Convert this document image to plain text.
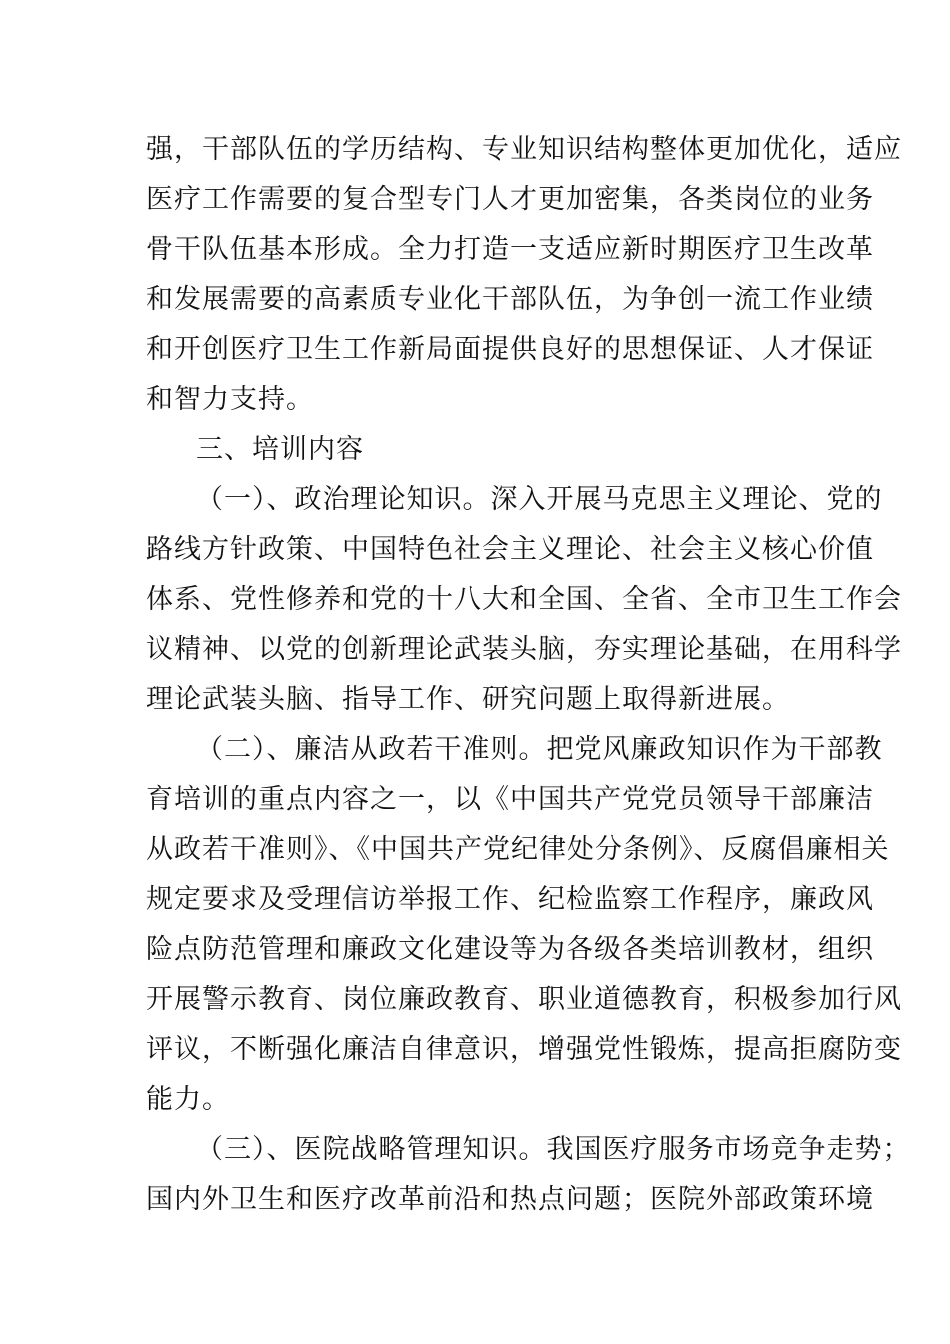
强，干部队伍的学历结构、专业知识结构整体更加优化，适应
医疗工作需要的复合型专门人才更加密集，各类岗位的业务
骨干队伍基本形成。全力打造一支适应新时期医疗卫生改革
和发展需要的高素质专业化干部队伍，为争创一流工作业绩
和开创医疗卫生工作新局面提供良好的思想保证、人才保证
和智力支持。
三、培训内容
（一）、政治理论知识。深入开展马克思主义理论、党的
路线方针政策、中国特色社会主义理论、社会主义核心价值
体系、党性修养和党的十八大和全国、全省、全市卫生工作会
议精神、以党的创新理论武装头脑，夯实理论基础，在用科学
理论武装头脑、指导工作、研究问题上取得新进展。
（二）、廉洁从政若干准则。把党风廉政知识作为干部教
育培训的重点内容之一，以《中国共产党党员领导干部廉洁
从政若干准则》、《中国共产党纪律处分条例》、反腐倡廉相关
规定要求及受理信访举报工作、纪检监察工作程序，廉政风
险点防范管理和廉政文化建设等为各级各类培训教材，组织
开展警示教育、岗位廉政教育、职业道德教育，积极参加行风
评议，不断强化廉洁自律意识，增强党性锻炼，提高拒腐防变
能力。
（三）、医院战略管理知识。我国医疗服务市场竞争走势；
国内外卫生和医疗改革前沿和热点问题；医院外部政策环境
